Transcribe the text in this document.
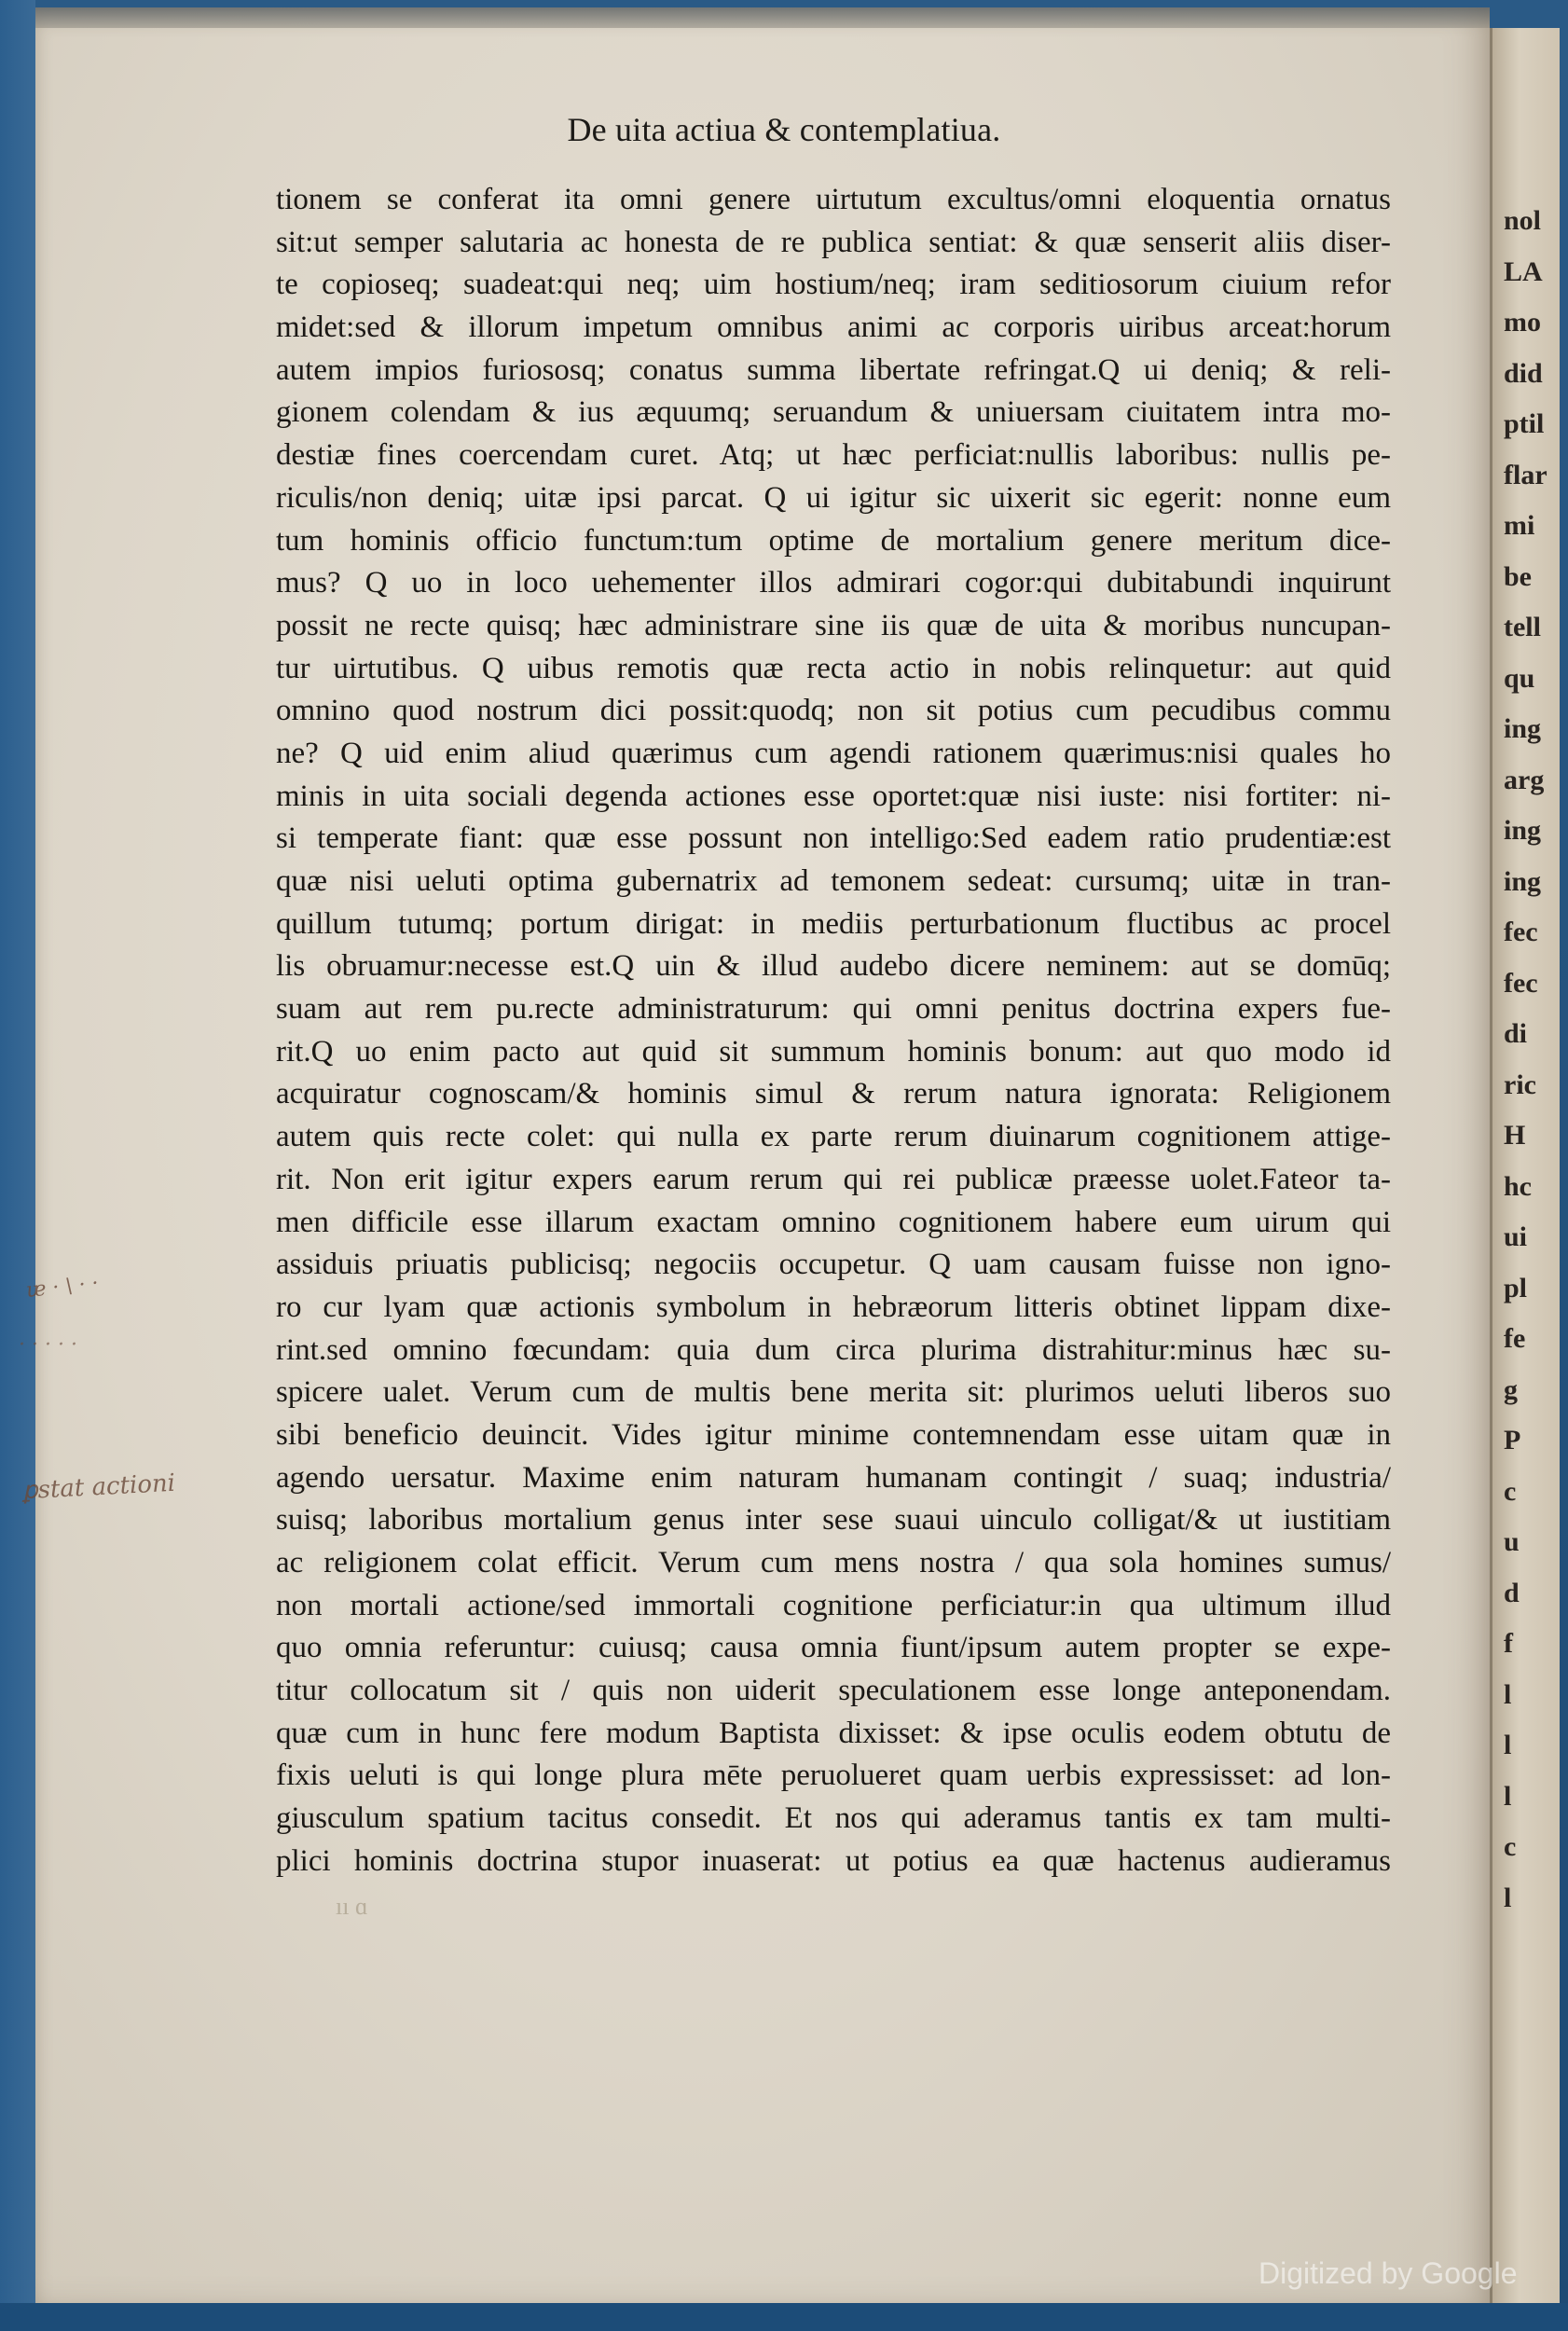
nol
LA
mo
did
ptil
flar
mi
be
tell
qu
ing
arg
ing
ing
fec
fec
di
ric
H
hc
ui
pl
fe
g
P
c
u
d
f
l
l
l
c
l
De uita actiua & contemplatiua.
tionem se conferat ita omni genere uirtutum excultus/omni eloquentia ornatus
sit:ut semper salutaria ac honesta de re publica sentiat: & quæ senserit aliis diser-
te copioseq; suadeat:qui neq; uim hostium/neq; iram seditiosorum ciuium refor
midet:sed & illorum impetum omnibus animi ac corporis uiribus arceat:horum
autem impios furiososq; conatus summa libertate refringat.Q ui deniq; & reli-
gionem colendam & ius æquumq; seruandum & uniuersam ciuitatem intra mo-
destiæ fines coercendam curet. Atq; ut hæc perficiat:nullis laboribus: nullis pe-
riculis/non deniq; uitæ ipsi parcat. Q ui igitur sic uixerit sic egerit: nonne eum
tum hominis officio functum:tum optime de mortalium genere meritum dice-
mus? Q uo in loco uehementer illos admirari cogor:qui dubitabundi inquirunt
possit ne recte quisq; hæc administrare sine iis quæ de uita & moribus nuncupan-
tur uirtutibus. Q uibus remotis quæ recta actio in nobis relinquetur: aut quid
omnino quod nostrum dici possit:quodq; non sit potius cum pecudibus commu
ne? Q uid enim aliud quærimus cum agendi rationem quærimus:nisi quales ho
minis in uita sociali degenda actiones esse oportet:quæ nisi iuste: nisi fortiter: ni-
si temperate fiant: quæ esse possunt non intelligo:Sed eadem ratio prudentiæ:est
quæ nisi ueluti optima gubernatrix ad temonem sedeat: cursumq; uitæ in tran-
quillum tutumq; portum dirigat: in mediis perturbationum fluctibus ac procel
lis obruamur:necesse est.Q uin & illud audebo dicere neminem: aut se domūq;
suam aut rem pu.recte administraturum: qui omni penitus doctrina expers fue-
rit.Q uo enim pacto aut quid sit summum hominis bonum: aut quo modo id
acquiratur cognoscam/& hominis simul & rerum natura ignorata: Religionem
autem quis recte colet: qui nulla ex parte rerum diuinarum cognitionem attige-
rit. Non erit igitur expers earum rerum qui rei publicæ præesse uolet.Fateor ta-
men difficile esse illarum exactam omnino cognitionem habere eum uirum qui
assiduis priuatis publicisq; negociis occupetur. Q uam causam fuisse non igno-
ro cur lyam quæ actionis symbolum in hebræorum litteris obtinet lippam dixe-
rint.sed omnino fœcundam: quia dum circa plurima distrahitur:minus hæc su-
spicere ualet. Verum cum de multis bene merita sit: plurimos ueluti liberos suo
sibi beneficio deuincit. Vides igitur minime contemnendam esse uitam quæ in
agendo uersatur. Maxime enim naturam humanam contingit / suaq; industria/
suisq; laboribus mortalium genus inter sese suaui uinculo colligat/& ut iustitiam
ac religionem colat efficit. Verum cum mens nostra / qua sola homines sumus/
non mortali actione/sed immortali cognitione perficiatur:in qua ultimum illud
quo omnia referuntur: cuiusq; causa omnia fiunt/ipsum autem propter se expe-
titur collocatum sit / quis non uiderit speculationem esse longe anteponendam.
quæ cum in hunc fere modum Baptista dixisset: & ipse oculis eodem obtutu de
fixis ueluti is qui longe plura mēte peruolueret quam uerbis expressisset: ad lon-
giusculum spatium tacitus consedit. Et nos qui aderamus tantis ex tam multi-
plici hominis doctrina stupor inuaserat: ut potius ea quæ hactenus audieramus
ᵫ · \ · ·
· · · · ·
ꝑstat actioni
ıı ɑ
Digitized by Google
